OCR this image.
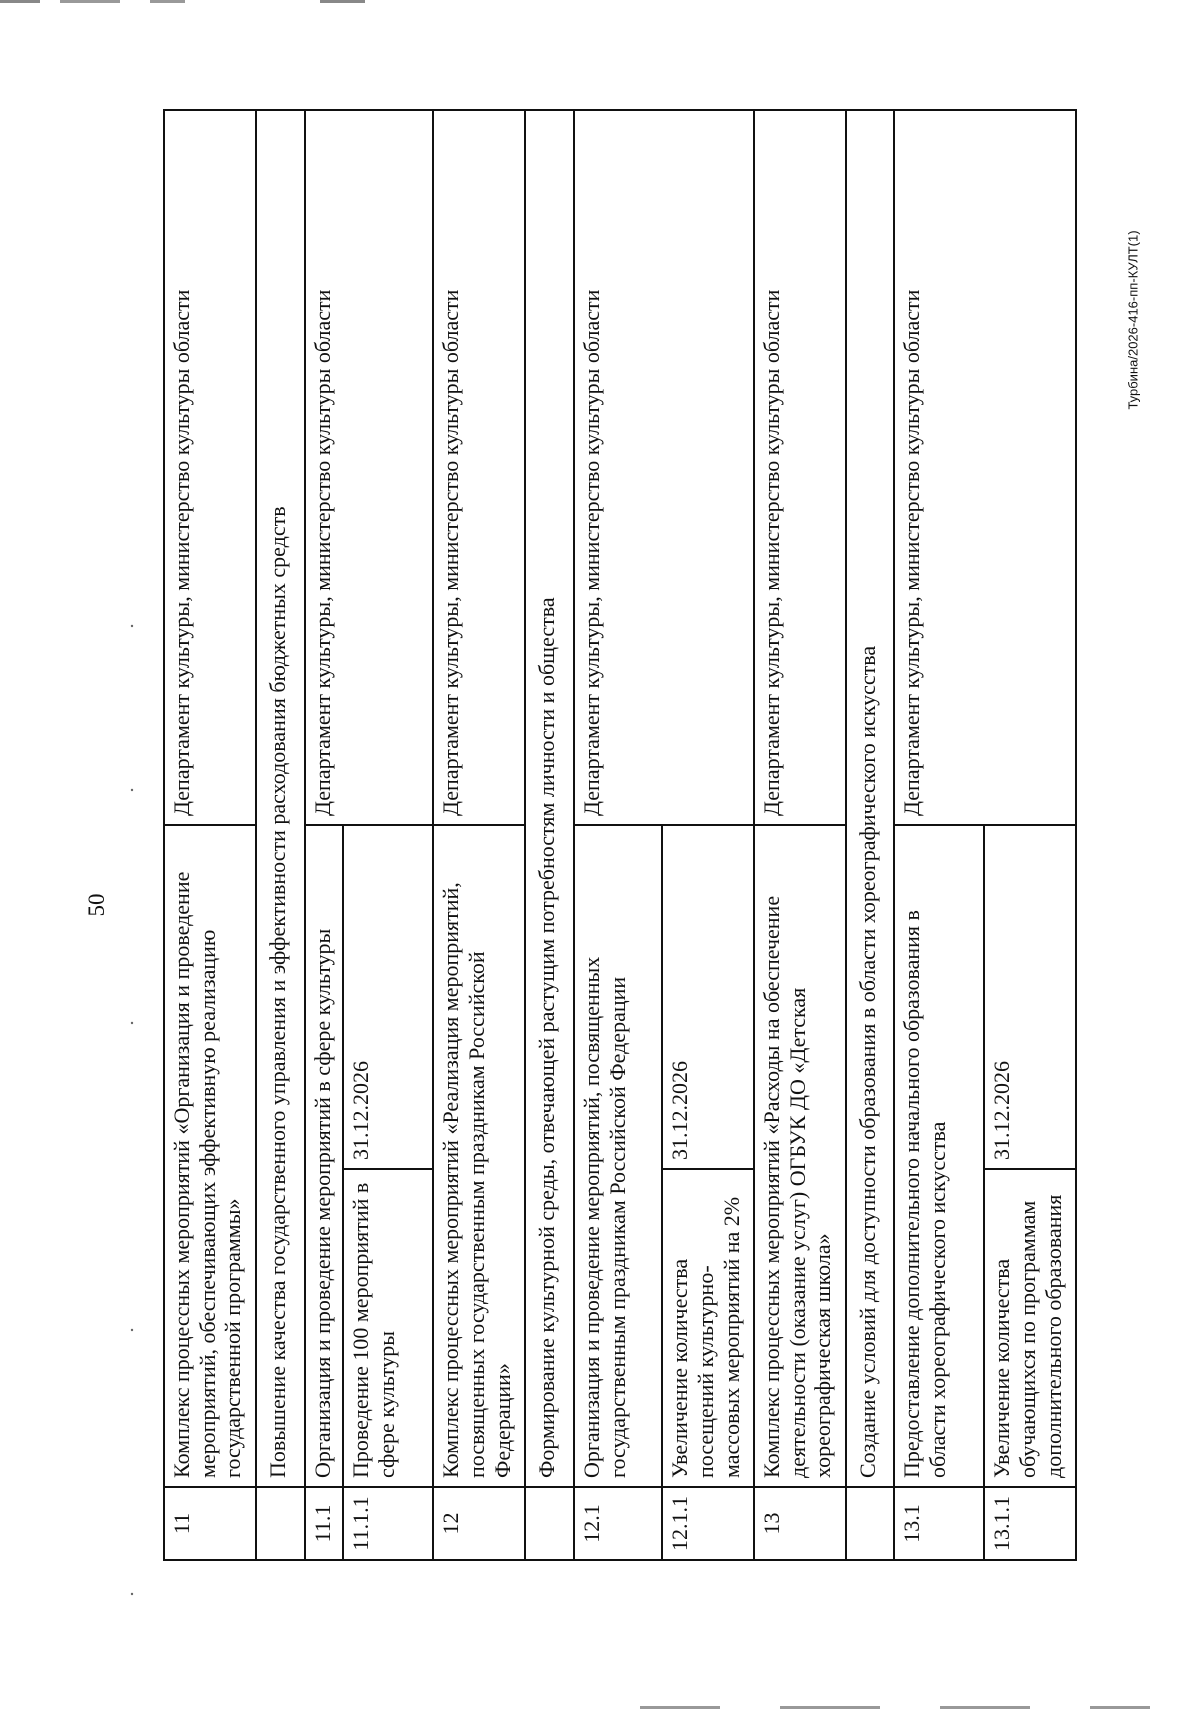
50
Турбина/2026-416-пп-КУЛТ(1)
11	Комплекс процессных мероприятий «Организация и проведение мероприятий, обеспечивающих эффективную реализацию государственной программы»		Департамент культуры, министерство культуры области
	Повышение качества государственного управления и эффективности расходования бюджетных средств		
11.1	Организация и проведение мероприятий в сфере культуры		Департамент культуры, министерство культуры области
11.1.1	Проведение 100 мероприятий в сфере культуры	31.12.2026	
12	Комплекс процессных мероприятий «Реализация мероприятий, посвященных государственным праздникам Российской Федерации»		Департамент культуры, министерство культуры области
	Формирование культурной среды, отвечающей растущим потребностям личности и общества		
12.1	Организация и проведение мероприятий, посвященных государственным праздникам Российской Федерации		Департамент культуры, министерство культуры области
12.1.1	Увеличение количества посещений культурно-массовых мероприятий на 2%	31.12.2026	
13	Комплекс процессных мероприятий «Расходы на обеспечение деятельности (оказание услуг) ОГБУК ДО «Детская хореографическая школа»		Департамент культуры, министерство культуры области
	Создание условий для доступности образования в области хореографического искусства		
13.1	Предоставление дополнительного начального образования в области хореографического искусства		Департамент культуры, министерство культуры области
13.1.1	Увеличение количества обучающихся по программам дополнительного образования	31.12.2026	
